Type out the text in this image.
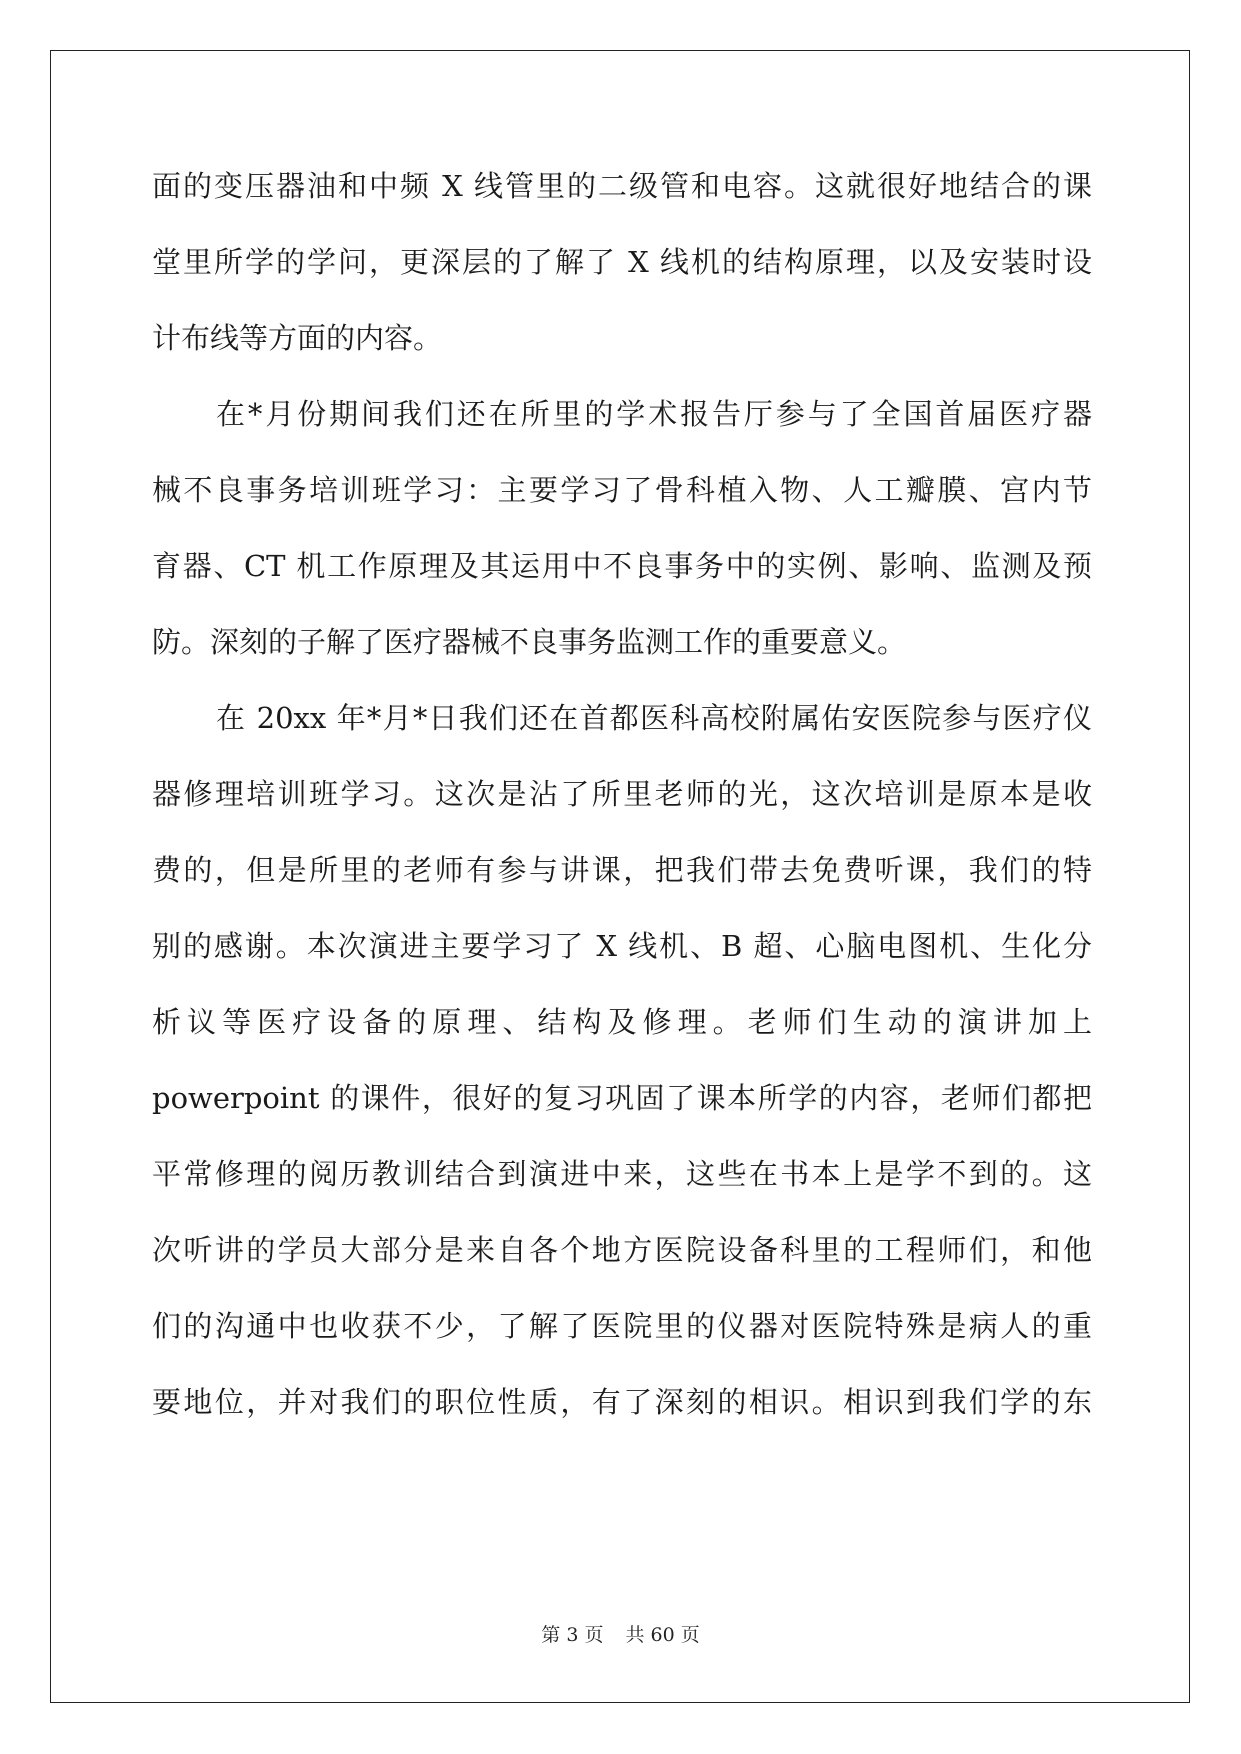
面的变压器油和中频 X 线管里的二级管和电容。这就很好地结合的课
堂里所学的学问，更深层的了解了 X 线机的结构原理，以及安装时设
计布线等方面的内容。
在*月份期间我们还在所里的学术报告厅参与了全国首届医疗器
械不良事务培训班学习：主要学习了骨科植入物、人工瓣膜、宫内节
育器、CT 机工作原理及其运用中不良事务中的实例、影响、监测及预
防。深刻的子解了医疗器械不良事务监测工作的重要意义。
在 20xx 年*月*日我们还在首都医科高校附属佑安医院参与医疗仪
器修理培训班学习。这次是沾了所里老师的光，这次培训是原本是收
费的，但是所里的老师有参与讲课，把我们带去免费听课，我们的特
别的感谢。本次演进主要学习了 X 线机、B 超、心脑电图机、生化分
析议等医疗设备的原理、结构及修理。老师们生动的演讲加上
powerpoint 的课件，很好的复习巩固了课本所学的内容，老师们都把
平常修理的阅历教训结合到演进中来，这些在书本上是学不到的。这
次听讲的学员大部分是来自各个地方医院设备科里的工程师们，和他
们的沟通中也收获不少，了解了医院里的仪器对医院特殊是病人的重
要地位，并对我们的职位性质，有了深刻的相识。相识到我们学的东
第 3 页 共 60 页
